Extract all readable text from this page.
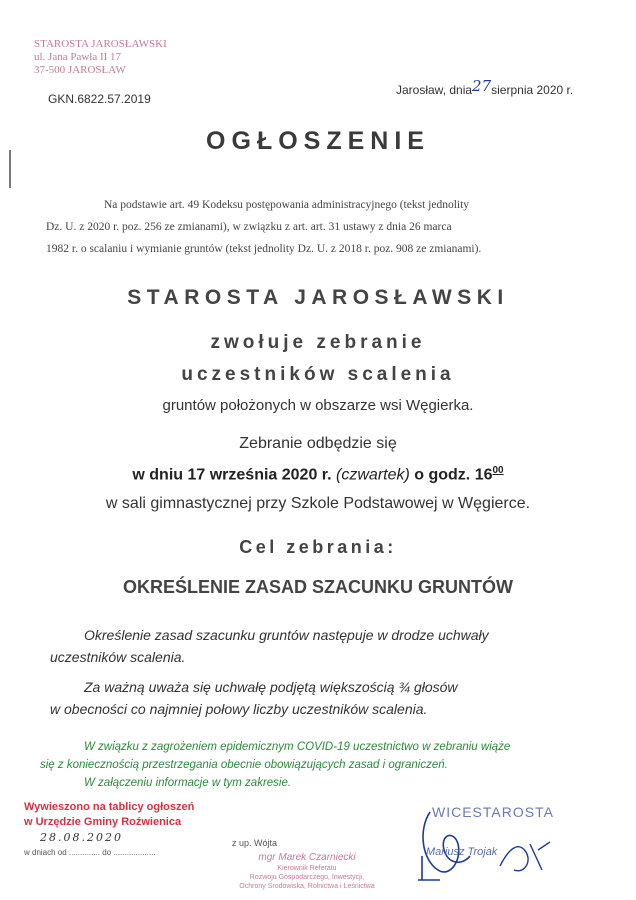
STAROSTA JAROSŁAWSKI
ul. Jana Pawła II 17
37-500 JAROSŁAW
GKN.6822.57.2019
Jarosław, dnia27sierpnia 2020 r.
OGŁOSZENIE
Na podstawie art. 49 Kodeksu postępowania administracyjnego (tekst jednolity
Dz. U. z 2020 r. poz. 256 ze zmianami), w związku z art. art. 31 ustawy z dnia 26 marca
1982 r. o scalaniu i wymianie gruntów (tekst jednolity Dz. U. z 2018 r. poz. 908 ze zmianami).
STAROSTA JAROSŁAWSKI
zwołuje zebranie
uczestników scalenia
gruntów położonych w obszarze wsi Węgierka.
Zebranie odbędzie się
w dniu 17 września 2020 r. (czwartek) o godz. $16^{00}$
w sali gimnastycznej przy Szkole Podstawowej w Węgierce.
Cel zebrania:
OKREŚLENIE ZASAD SZACUNKU GRUNTÓW
Określenie zasad szacunku gruntów następuje w drodze uchwały
uczestników scalenia.
Za ważną uważa się uchwałę podjętą większością ¾ głosów
w obecności co najmniej połowy liczby uczestników scalenia.
W związku z zagrożeniem epidemicznym COVID-19 uczestnictwo w zebraniu wiąże
się z koniecznością przestrzegania obecnie obowiązujących zasad i ograniczeń.
W załączeniu informacje w tym zakresie.
Wywieszono na tablicy ogłoszeń
w Urzędzie Gminy Roźwienica
28.08.2020
w dniach od .............. do ...................
z up. Wójta
mgr Marek Czarniecki
Kierownik Referatu
Rozwoju Gospodarczego, Inwestycji,
Ochrony Środowiska, Rolnictwa i Leśnictwa
WICESTAROSTA
Mariusz Trojak
